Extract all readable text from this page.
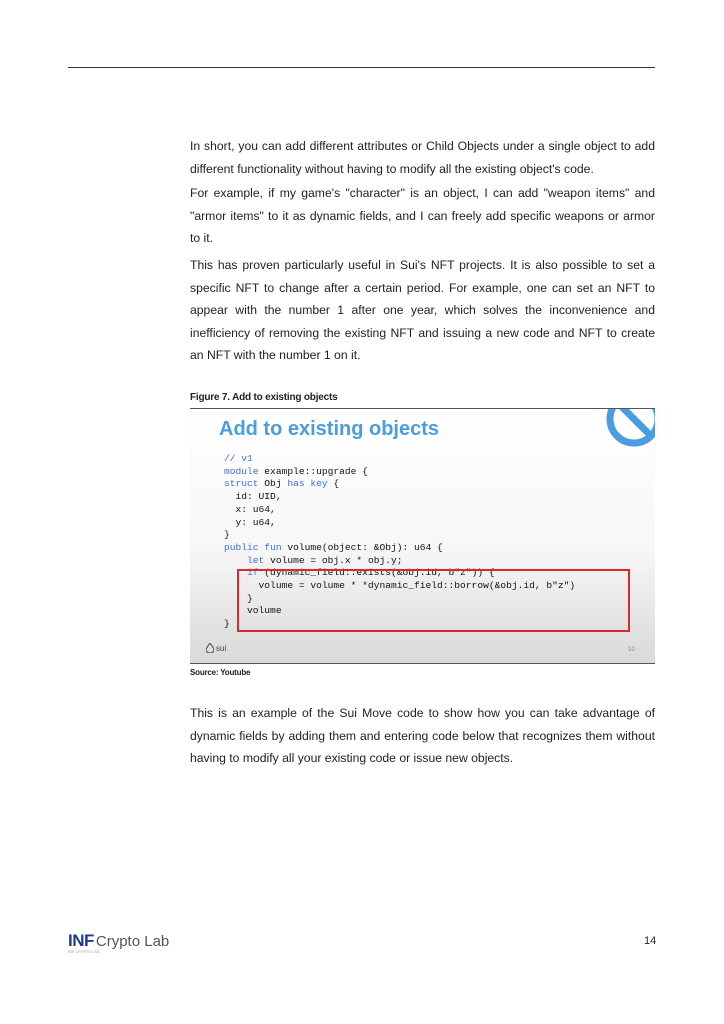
In short, you can add different attributes or Child Objects under a single object to add different functionality without having to modify all the existing object's code.

For example, if my game's "character" is an object, I can add "weapon items" and "armor items" to it as dynamic fields, and I can freely add specific weapons or armor to it.

This has proven particularly useful in Sui's NFT projects. It is also possible to set a specific NFT to change after a certain period. For example, one can set an NFT to appear with the number 1 after one year, which solves the inconvenience and inefficiency of removing the existing NFT and issuing a new code and NFT to create an NFT with the number 1 on it.

Figure 7. Add to existing objects
Add to existing objects
// v1
module example::upgrade {
struct Obj has key {
id: UID,
x: u64,
y: u64,
}
public fun volume(object: &Obj): u64 {
let volume = obj.x * obj.y;
if (dynamic_field::exists(&obj.id, b"z")) {
volume = volume * *dynamic_field::borrow(&obj.id, b"z")
}
volume
}
sui	10
Source: Youtube

This is an example of the Sui Move code to show how you can take advantage of dynamic fields by adding them and entering code below that recognizes them without having to modify all your existing code or issue new objects.

INF Crypto Lab
INF CRYPTO LAB
14
